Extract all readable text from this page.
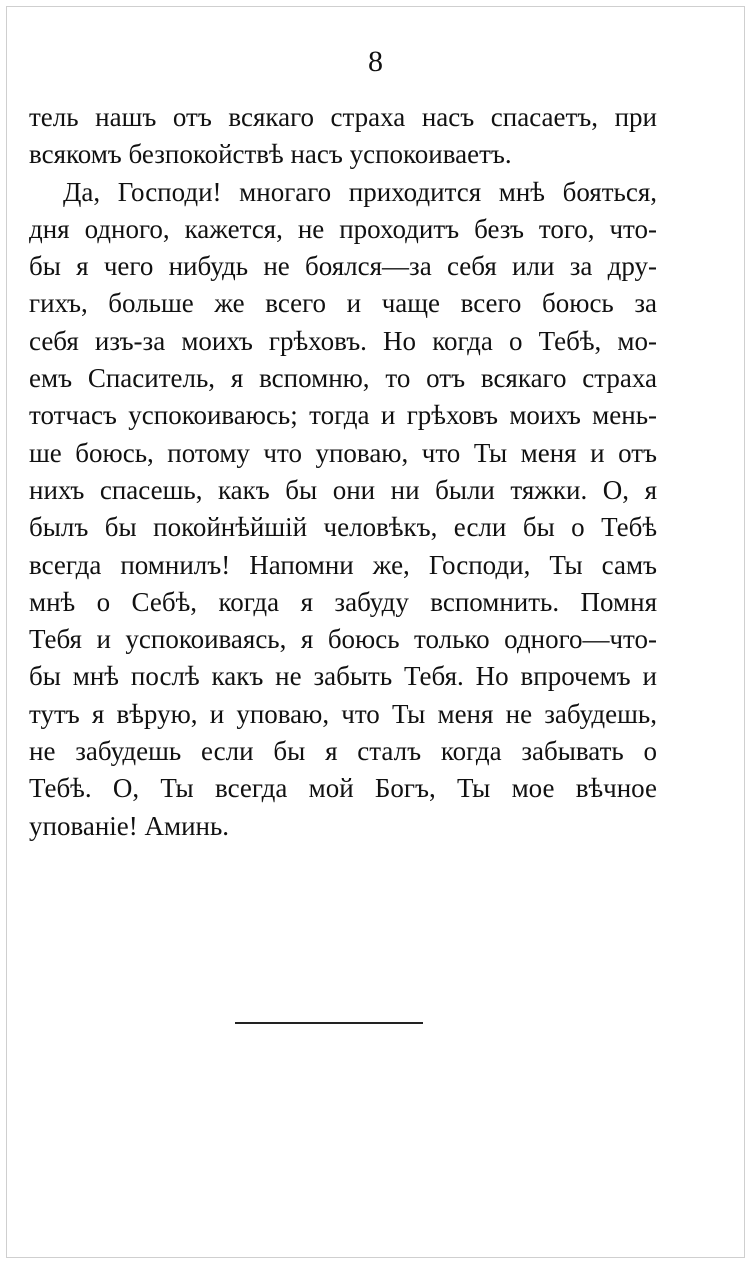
8
тель нашъ отъ всякаго страха насъ спасаетъ, при
всякомъ безпокойствѣ насъ успокоиваетъ.
Да, Господи! многаго приходится мнѣ бояться,
дня одного, кажется, не проходитъ безъ того, что-
бы я чего нибудь не боялся—за себя или за дру-
гихъ, больше же всего и чаще всего боюсь за
себя изъ-за моихъ грѣховъ. Но когда о Тебѣ, мо-
емъ Спаситель, я вспомню, то отъ всякаго страха
тотчасъ успокоиваюсь; тогда и грѣховъ моихъ мень-
ше боюсь, потому что уповаю, что Ты меня и отъ
нихъ спасешь, какъ бы они ни были тяжки. О, я
былъ бы покойнѣйшій человѣкъ, если бы о Тебѣ
всегда помнилъ! Напомни же, Господи, Ты самъ
мнѣ о Себѣ, когда я забуду вспомнить. Помня
Тебя и успокоиваясь, я боюсь только одного—что-
бы мнѣ послѣ какъ не забыть Тебя. Но впрочемъ и
тутъ я вѣрую, и уповаю, что Ты меня не забудешь,
не забудешь если бы я сталъ когда забывать о
Тебѣ. О, Ты всегда мой Богъ, Ты мое вѣчное
упованіе! Аминь.
